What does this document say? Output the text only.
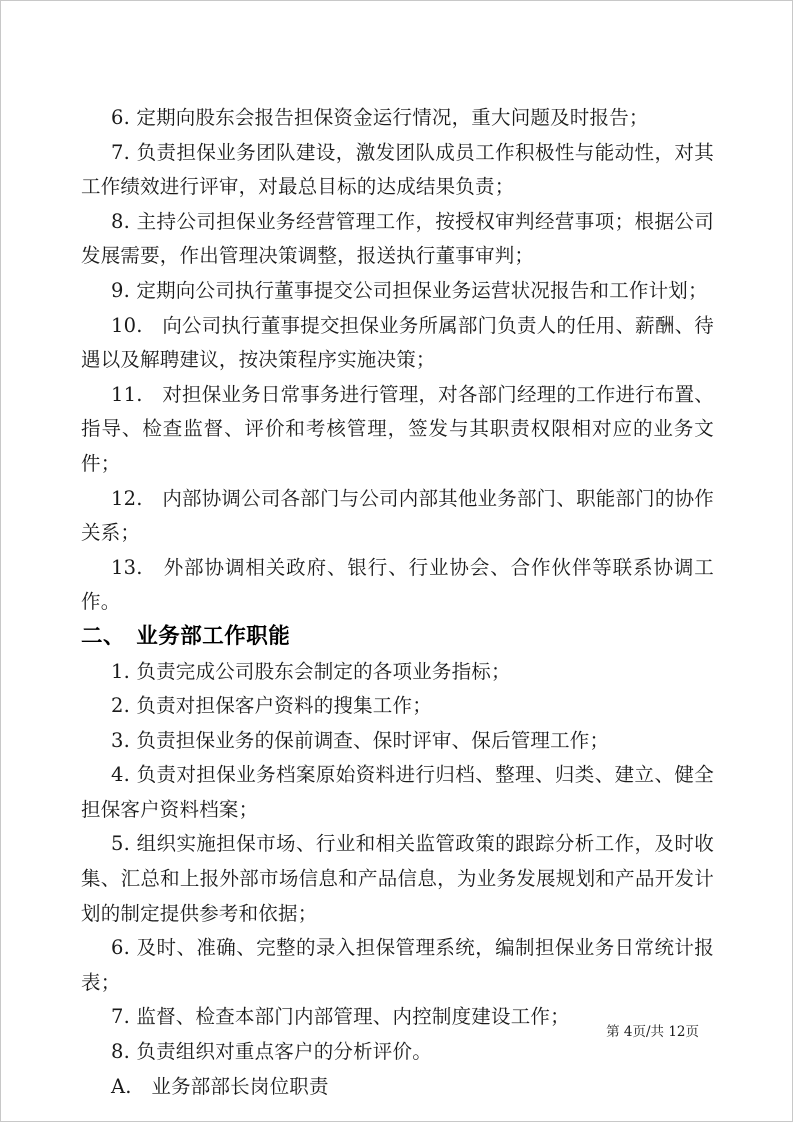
6. 定期向股东会报告担保资金运行情况，重大问题及时报告；

7. 负责担保业务团队建设，激发团队成员工作积极性与能动性，对其工作绩效进行评审，对最总目标的达成结果负责；

8. 主持公司担保业务经营管理工作，按授权审判经营事项；根据公司发展需要，作出管理决策调整，报送执行董事审判；

9. 定期向公司执行董事提交公司担保业务运营状况报告和工作计划；

10.　向公司执行董事提交担保业务所属部门负责人的任用、薪酬、待遇以及解聘建议，按决策程序实施决策；

11.　对担保业务日常事务进行管理，对各部门经理的工作进行布置、指导、检查监督、评价和考核管理，签发与其职责权限相对应的业务文件；

12.　内部协调公司各部门与公司内部其他业务部门、职能部门的协作关系；

13.　外部协调相关政府、银行、行业协会、合作伙伴等联系协调工作。

二、　业务部工作职能

1. 负责完成公司股东会制定的各项业务指标；

2. 负责对担保客户资料的搜集工作；

3. 负责担保业务的保前调查、保时评审、保后管理工作；

4. 负责对担保业务档案原始资料进行归档、整理、归类、建立、健全担保客户资料档案；

5. 组织实施担保市场、行业和相关监管政策的跟踪分析工作，及时收集、汇总和上报外部市场信息和产品信息，为业务发展规划和产品开发计划的制定提供参考和依据；

6. 及时、准确、完整的录入担保管理系统，编制担保业务日常统计报表；

7. 监督、检查本部门内部管理、内控制度建设工作；

8. 负责组织对重点客户的分析评价。

A.　业务部部长岗位职责

第 4页/共 12页
